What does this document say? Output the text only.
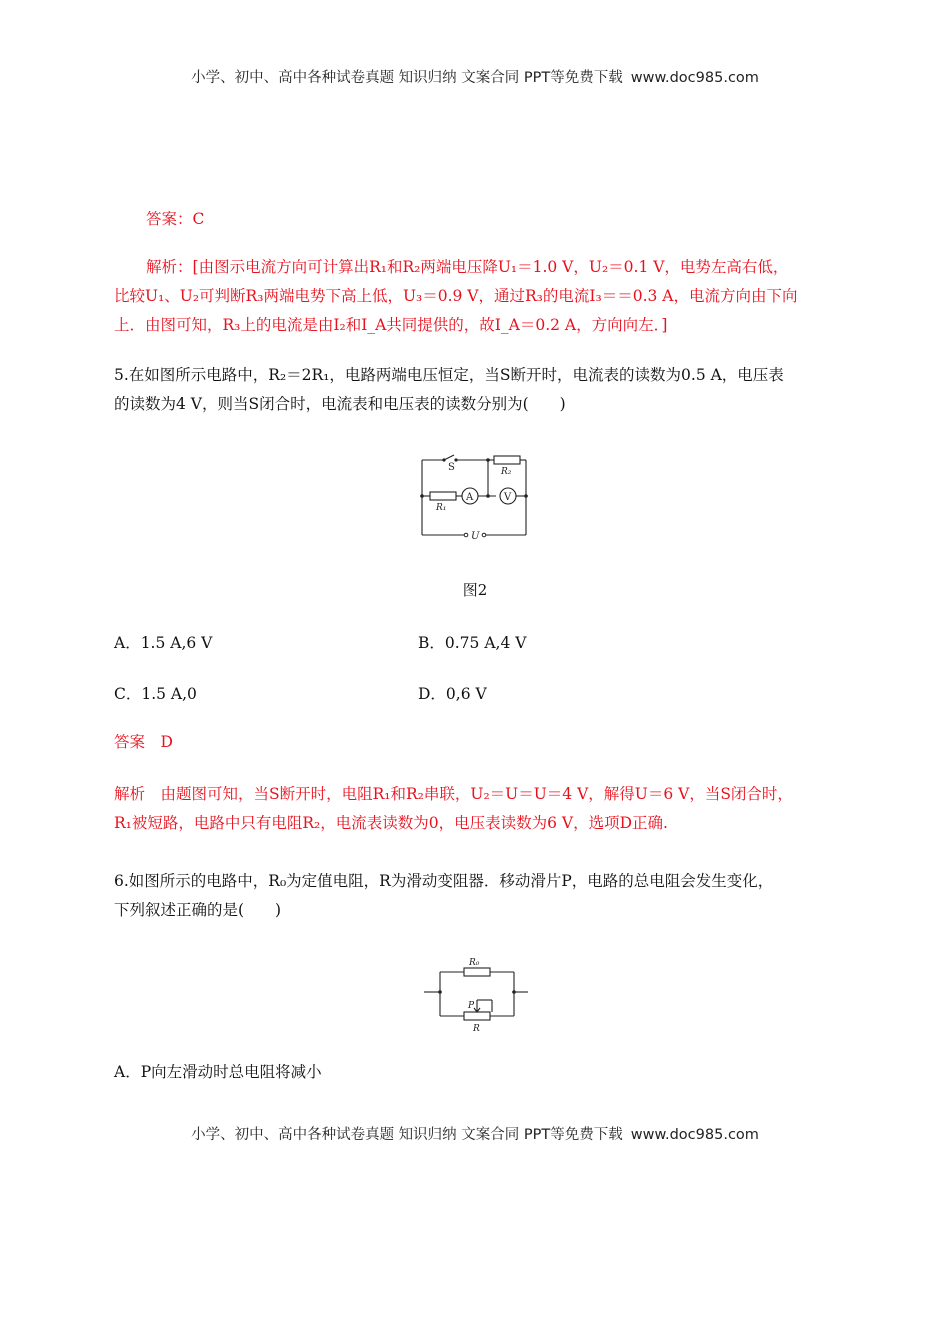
小学、初中、高中各种试卷真题 知识归纳 文案合同 PPT等免费下载 www.doc985.com
答案：C
解析：[由图示电流方向可计算出R₁和R₂两端电压降U₁＝1.0 V，U₂＝0.1 V，电势左高右低，
比较U₁、U₂可判断R₃两端电势下高上低，U₃＝0.9 V，通过R₃的电流I₃＝＝0.3 A，电流方向由下向
上．由图可知，R₃上的电流是由I₂和I_A共同提供的，故I_A＝0.2 A，方向向左．]
5.在如图所示电路中，R₂＝2R₁，电路两端电压恒定，当S断开时，电流表的读数为0.5 A，电压表
的读数为4 V，则当S闭合时，电流表和电压表的读数分别为(　　)
S	R₂
R₁
A	V
U
图2
A．1.5 A,6 V	B．0.75 A,4 V
C．1.5 A,0	D．0,6 V
答案　D
解析　由题图可知，当S断开时，电阻R₁和R₂串联，U₂＝U＝U＝4 V，解得U＝6 V，当S闭合时，
R₁被短路，电路中只有电阻R₂，电流表读数为0，电压表读数为6 V，选项D正确.
6.如图所示的电路中，R₀为定值电阻，R为滑动变阻器．移动滑片P，电路的总电阻会发生变化，
下列叙述正确的是(　　)
R₀
P
R
A．P向左滑动时总电阻将减小
小学、初中、高中各种试卷真题 知识归纳 文案合同 PPT等免费下载 www.doc985.com
